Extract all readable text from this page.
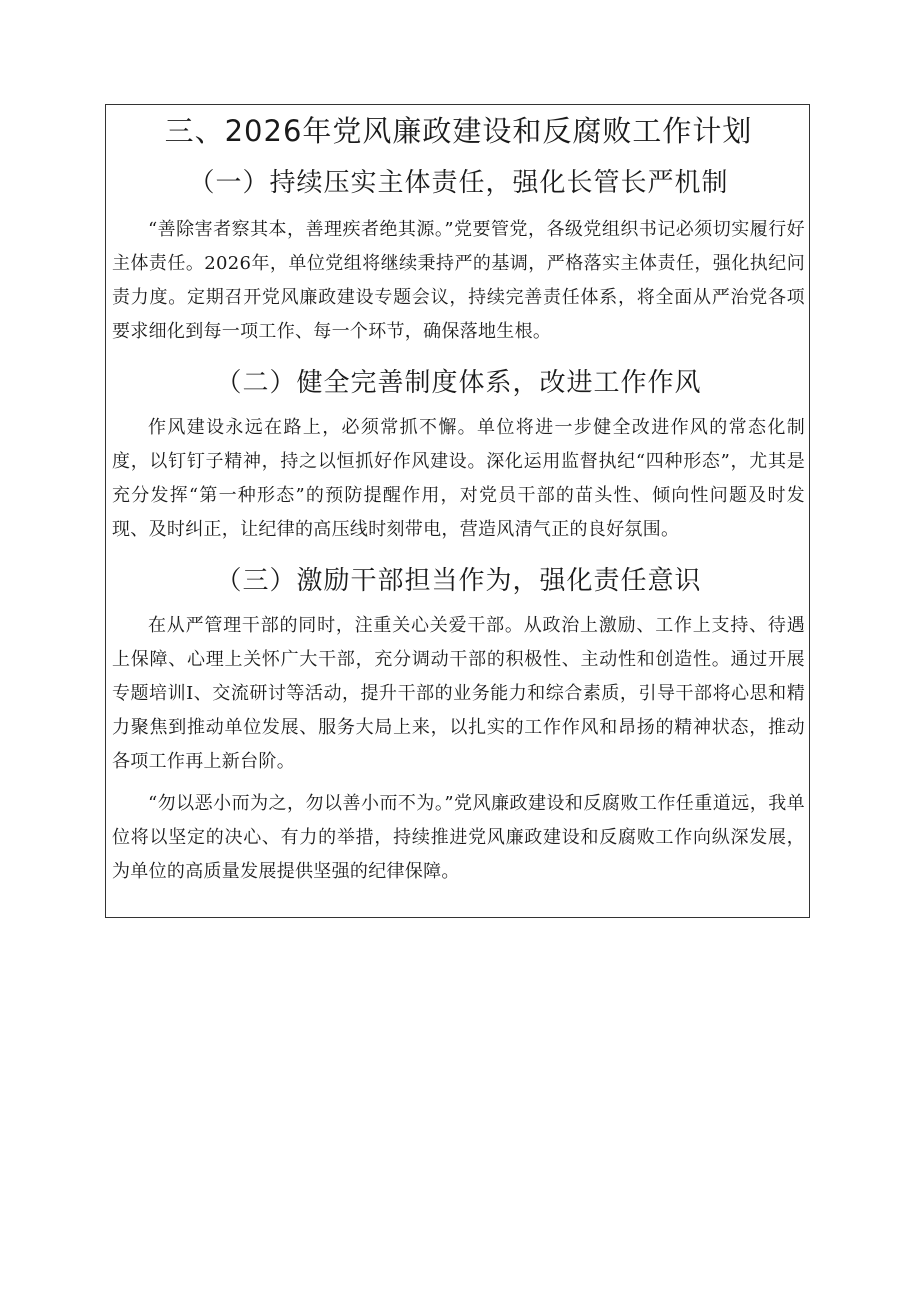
三、2026年党风廉政建设和反腐败工作计划
（一）持续压实主体责任，强化长管长严机制

“善除害者察其本，善理疾者绝其源。”党要管党，各级党组织书记必须切实履行好主体责任。2026年，单位党组将继续秉持严的基调，严格落实主体责任，强化执纪问责力度。定期召开党风廉政建设专题会议，持续完善责任体系，将全面从严治党各项要求细化到每一项工作、每一个环节，确保落地生根。

（二）健全完善制度体系，改进工作作风

作风建设永远在路上，必须常抓不懈。单位将进一步健全改进作风的常态化制度，以钉钉子精神，持之以恒抓好作风建设。深化运用监督执纪“四种形态”，尤其是充分发挥“第一种形态”的预防提醒作用，对党员干部的苗头性、倾向性问题及时发现、及时纠正，让纪律的高压线时刻带电，营造风清气正的良好氛围。

（三）激励干部担当作为，强化责任意识

在从严管理干部的同时，注重关心关爱干部。从政治上激励、工作上支持、待遇上保障、心理上关怀广大干部，充分调动干部的积极性、主动性和创造性。通过开展专题培训I、交流研讨等活动，提升干部的业务能力和综合素质，引导干部将心思和精力聚焦到推动单位发展、服务大局上来，以扎实的工作作风和昂扬的精神状态，推动各项工作再上新台阶。

“勿以恶小而为之，勿以善小而不为。”党风廉政建设和反腐败工作任重道远，我单位将以坚定的决心、有力的举措，持续推进党风廉政建设和反腐败工作向纵深发展，为单位的高质量发展提供坚强的纪律保障。
